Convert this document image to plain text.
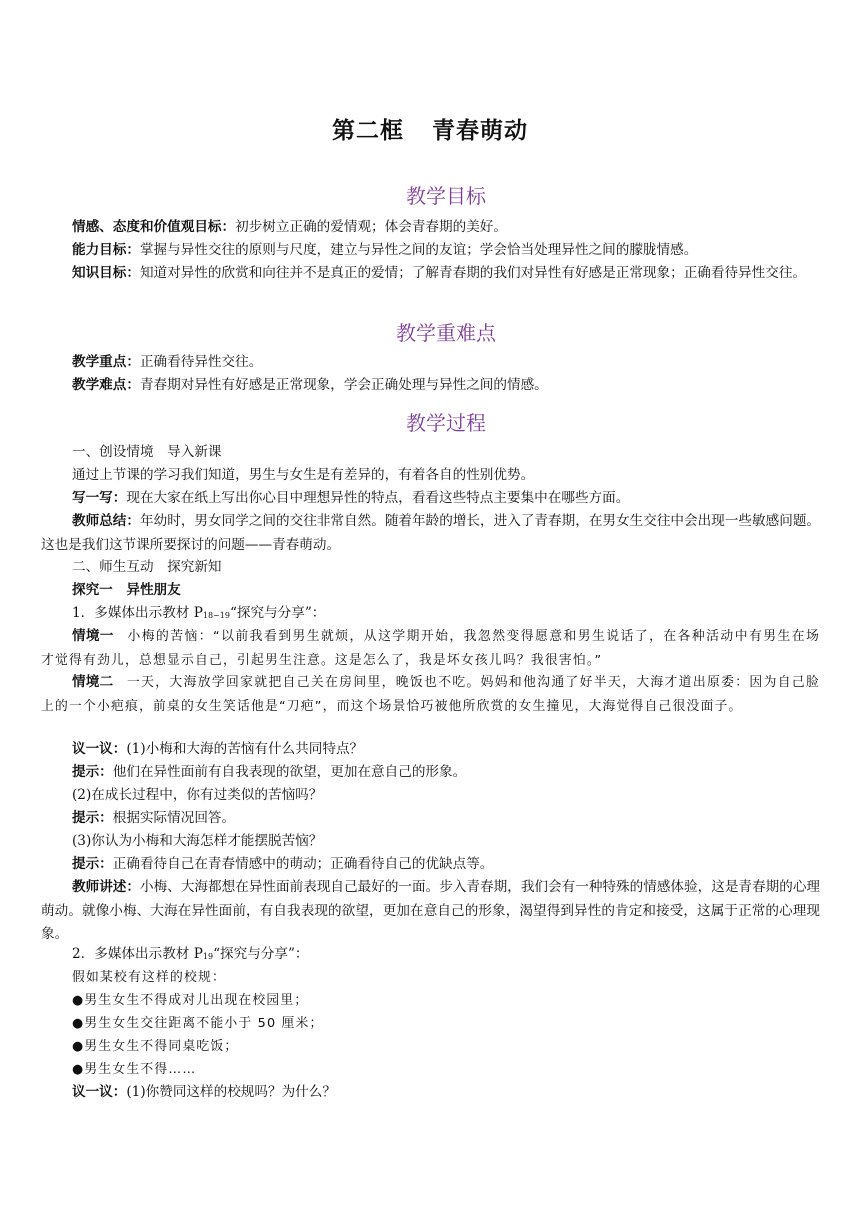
第二框 青春萌动
教学目标
情感、态度和价值观目标：初步树立正确的爱情观；体会青春期的美好。
能力目标：掌握与异性交往的原则与尺度，建立与异性之间的友谊；学会恰当处理异性之间的朦胧情感。
知识目标：知道对异性的欣赏和向往并不是真正的爱情；了解青春期的我们对异性有好感是正常现象；正确看待异性交往。
教学重难点
教学重点：正确看待异性交往。
教学难点：青春期对异性有好感是正常现象，学会正确处理与异性之间的情感。
教学过程
一、创设情境　导入新课
通过上节课的学习我们知道，男生与女生是有差异的，有着各自的性别优势。
写一写：现在大家在纸上写出你心目中理想异性的特点，看看这些特点主要集中在哪些方面。
教师总结：年幼时，男女同学之间的交往非常自然。随着年龄的增长，进入了青春期，在男女生交往中会出现一些敏感问题。这也是我们这节课所要探讨的问题——青春萌动。
二、师生互动　探究新知
探究一　异性朋友
1．多媒体出示教材 P18~19“探究与分享”：
情境一　 小梅的苦恼：“以前我看到男生就烦，从这学期开始，我忽然变得愿意和男生说话了，在各种活动中有男生在场才觉得有劲儿，总想显示自己，引起男生注意。这是怎么了，我是坏女孩儿吗？我很害怕。”
情境二　 一天，大海放学回家就把自己关在房间里，晚饭也不吃。妈妈和他沟通了好半天，大海才道出原委：因为自己脸上的一个小疤痕，前桌的女生笑话他是“刀疤”，而这个场景恰巧被他所欣赏的女生撞见，大海觉得自己很没面子。
议一议：(1)小梅和大海的苦恼有什么共同特点？
提示：他们在异性面前有自我表现的欲望，更加在意自己的形象。
(2)在成长过程中，你有过类似的苦恼吗？
提示：根据实际情况回答。
(3)你认为小梅和大海怎样才能摆脱苦恼？
提示：正确看待自己在青春情感中的萌动；正确看待自己的优缺点等。
教师讲述：小梅、大海都想在异性面前表现自己最好的一面。步入青春期，我们会有一种特殊的情感体验，这是青春期的心理萌动。就像小梅、大海在异性面前，有自我表现的欲望，更加在意自己的形象，渴望得到异性的肯定和接受，这属于正常的心理现象。
2．多媒体出示教材 P19“探究与分享”：
假如某校有这样的校规：
●男生女生不得成对儿出现在校园里；
●男生女生交往距离不能小于 50 厘米；
●男生女生不得同桌吃饭；
●男生女生不得……
议一议：(1)你赞同这样的校规吗？为什么？
